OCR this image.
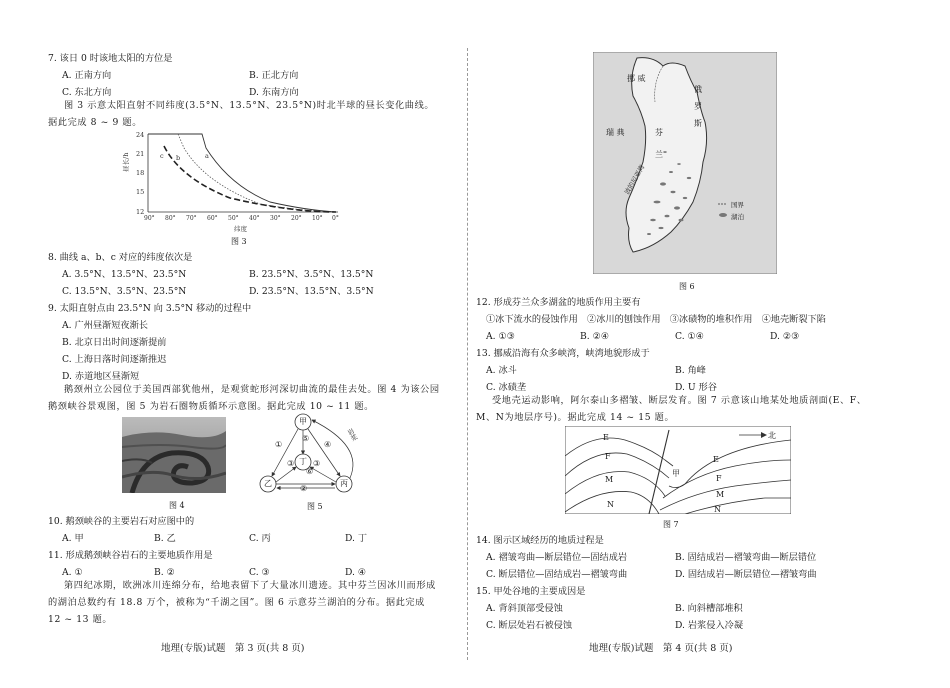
7. 该日 0 时该地太阳的方位是
A. 正南方向	B. 正北方向
C. 东北方向	D. 东南方向
图 3 示意太阳直射不同纬度(3.5°N、13.5°N、23.5°N)时北半球的昼长变化曲线。据此完成 8 ~ 9 题。
24
21
18
15
12
昼长/h
90° 80° 70° 60° 50° 40° 30° 20° 10° 0°
纬度
a
b
c
图 3
8. 曲线 a、b、c 对应的纬度依次是
A. 3.5°N、13.5°N、23.5°N	B. 23.5°N、3.5°N、13.5°N
C. 13.5°N、3.5°N、23.5°N	D. 23.5°N、13.5°N、3.5°N
9. 太阳直射点由 23.5°N 向 3.5°N 移动的过程中
A. 广州昼渐短夜渐长
B. 北京日出时间逐渐提前
C. 上海日落时间逐渐推迟
D. 赤道地区昼渐短
鹅颈州立公园位于美国西部犹他州，是观赏蛇形河深切曲流的最佳去处。图 4 为该公园鹅颈峡谷景观图，图 5 为岩石圈物质循环示意图。据此完成 10 ~ 11 题。
图 4
甲
丁
乙	丙
①
②
③ ③
④
⑤
⑥
岩浆
图 5
10. 鹅颈峡谷的主要岩石对应图中的
A. 甲	B. 乙	C. 丙	D. 丁
11. 形成鹅颈峡谷岩石的主要地质作用是
A. ①	B. ②	C. ③	D. ④
第四纪冰期，欧洲冰川连绵分布，给地表留下了大量冰川遗迹。其中芬兰因冰川而形成的湖泊总数约有 18.8 万个，被称为“千湖之国”。图 6 示意芬兰湖泊的分布。据此完成 12 ~ 13 题。
地理(专版)试题　第 3 页(共 8 页)
挪 威
俄
罗
斯
瑞 典	芬
兰
波的尼亚湾
国界
湖泊
图 6
12. 形成芬兰众多湖盆的地质作用主要有
①冰下流水的侵蚀作用　②冰川的刨蚀作用　③冰碛物的堆积作用　④地壳断裂下陷
A. ①③	B. ②④	C. ①④	D. ②③
13. 挪威沿海有众多峡湾，峡湾地貌形成于
A. 冰斗	B. 角峰
C. 冰碛垄	D. U 形谷
受地壳运动影响，阿尔泰山多褶皱、断层发育。图 7 示意该山地某处地质剖面(E、F、M、N为地层序号)。据此完成 14 ~ 15 题。
北
E
F
M
N
E
F
M
N
甲
图 7
14. 图示区域经历的地质过程是
A. 褶皱弯曲—断层错位—固结成岩	B. 固结成岩—褶皱弯曲—断层错位
C. 断层错位—固结成岩—褶皱弯曲	D. 固结成岩—断层错位—褶皱弯曲
15. 甲处谷地的主要成因是
A. 背斜顶部受侵蚀	B. 向斜槽部堆积
C. 断层处岩石被侵蚀	D. 岩浆侵入冷凝
地理(专版)试题　第 4 页(共 8 页)
